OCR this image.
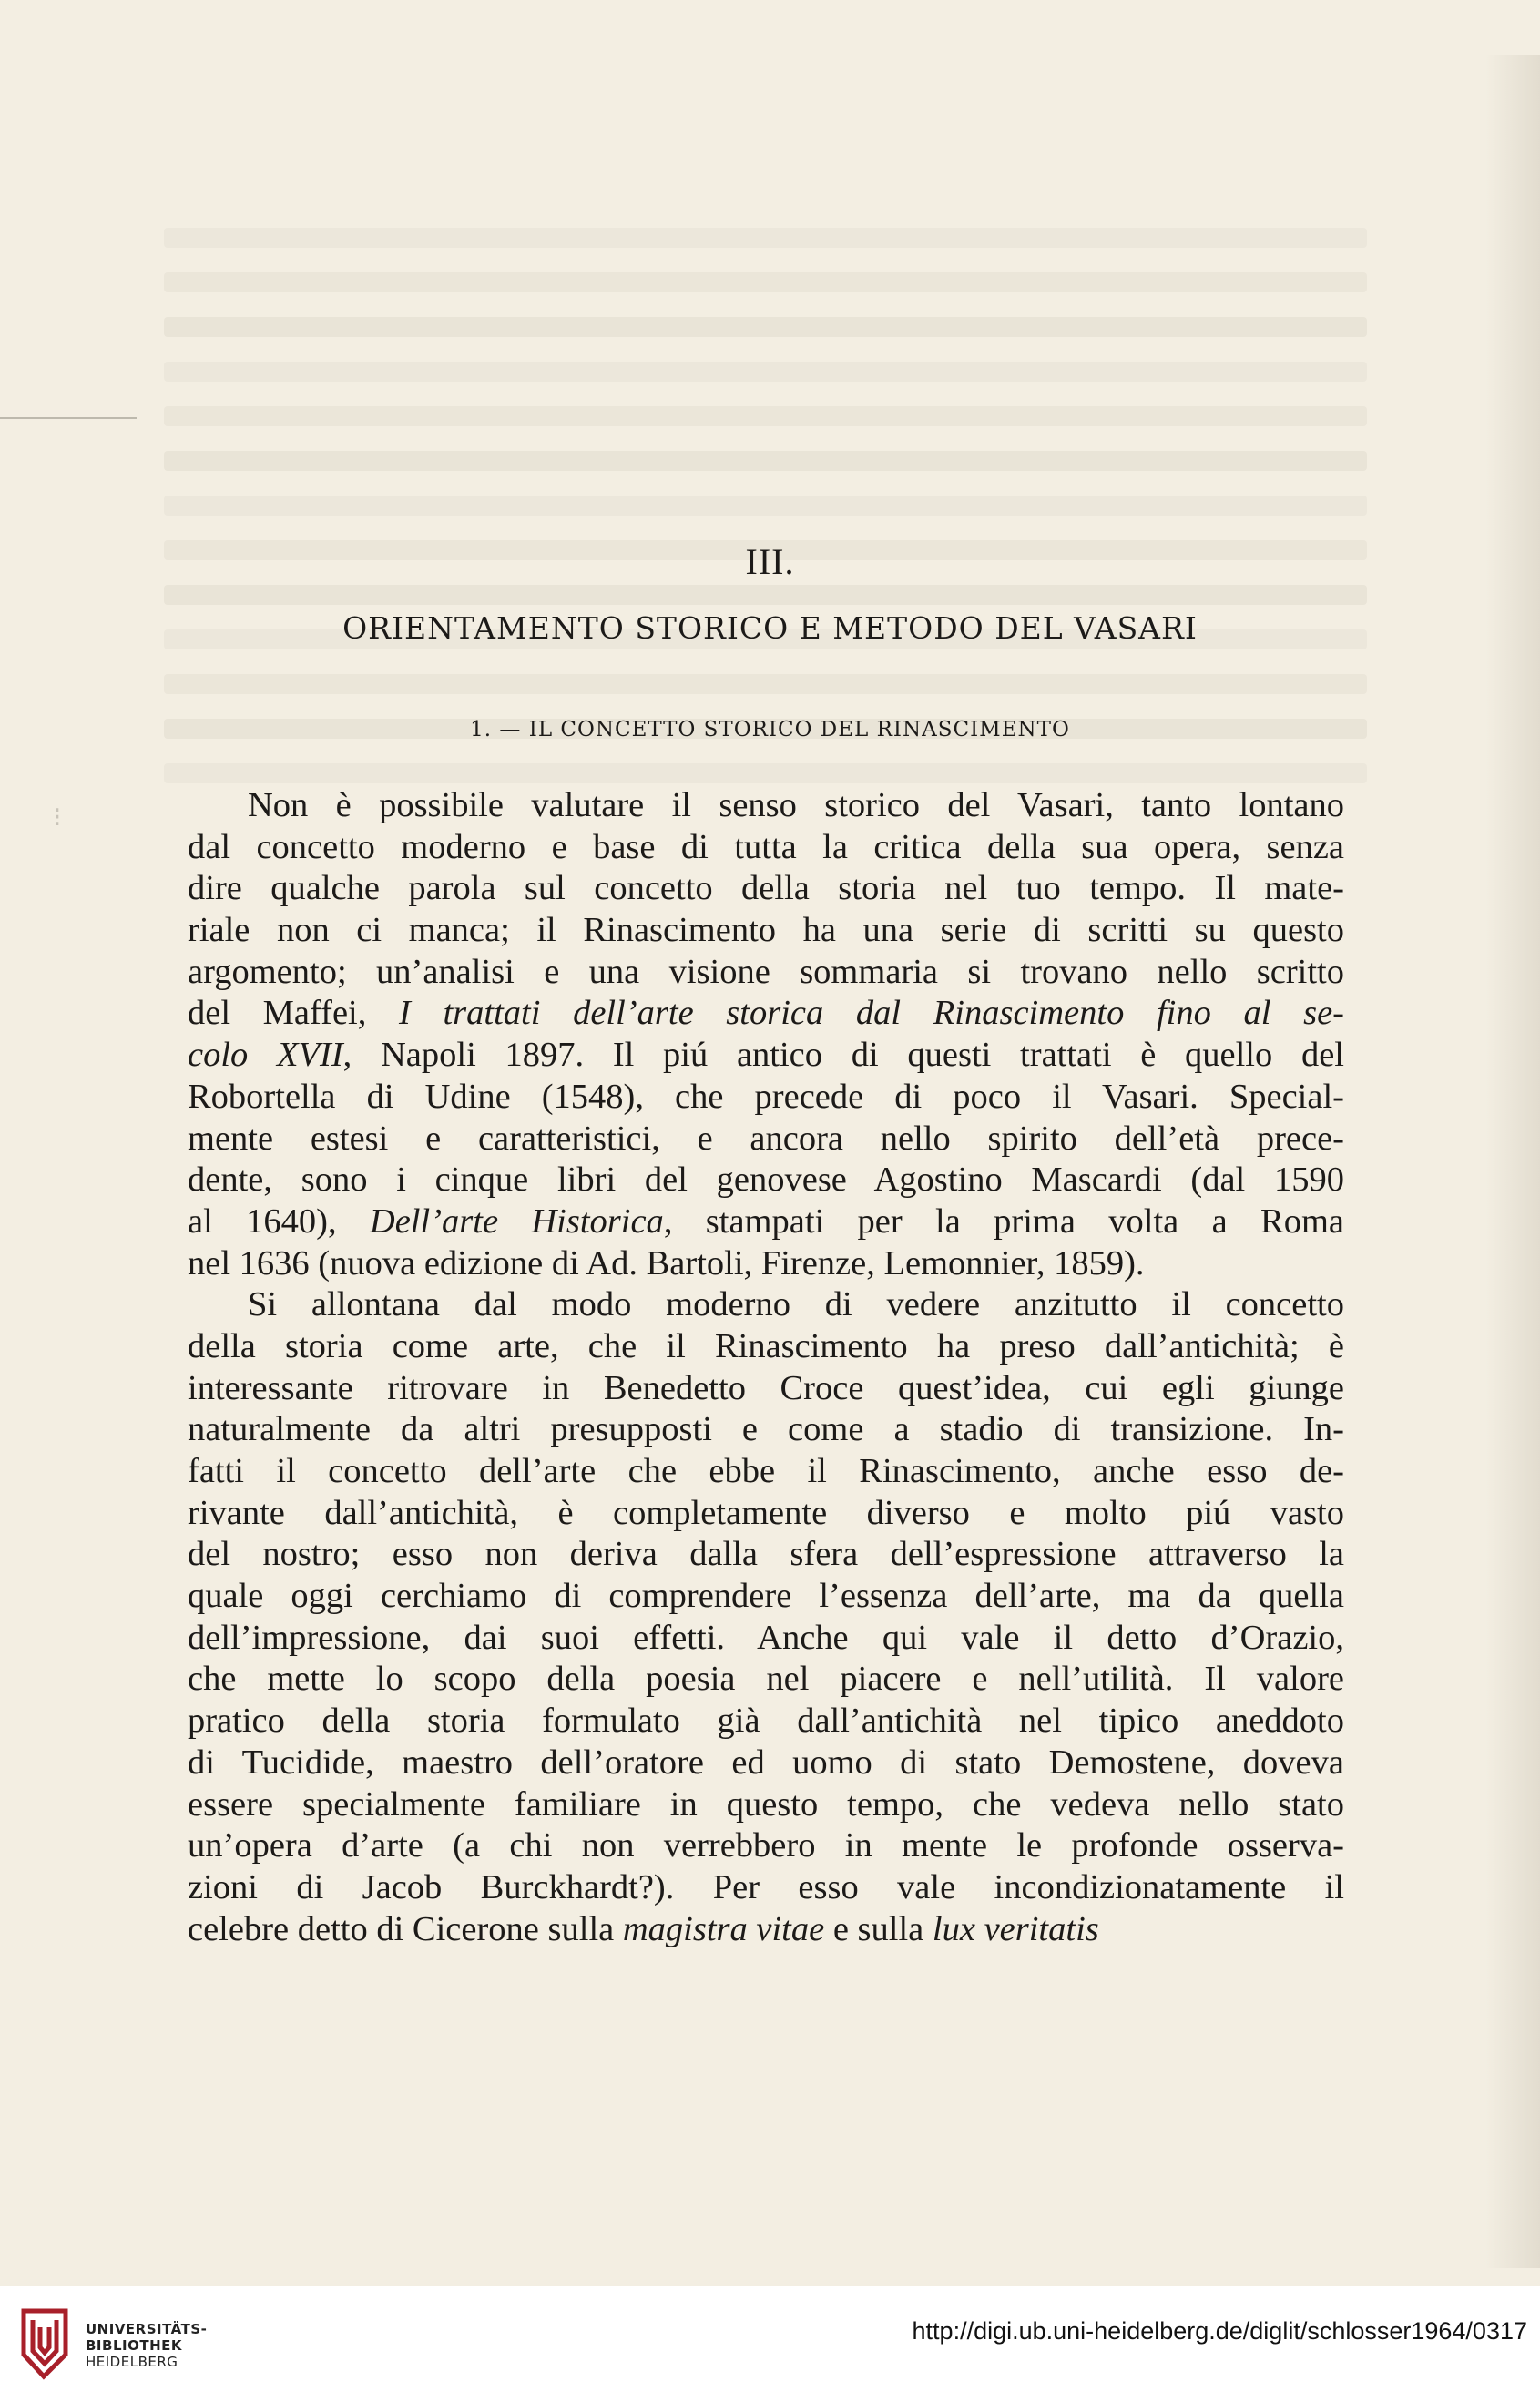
⁝
III.
ORIENTAMENTO STORICO E METODO DEL VASARI
1. — IL CONCETTO STORICO DEL RINASCIMENTO
Non è possibile valutare il senso storico del Vasari, tanto lontano
dal concetto moderno e base di tutta la critica della sua opera, senza
dire qualche parola sul concetto della storia nel tuo tempo. Il mate-
riale non ci manca; il Rinascimento ha una serie di scritti su questo
argomento; un’analisi e una visione sommaria si trovano nello scritto
del Maffei, I trattati dell’arte storica dal Rinascimento fino al se-
colo XVII, Napoli 1897. Il piú antico di questi trattati è quello del
Robortella di Udine (1548), che precede di poco il Vasari. Special-
mente estesi e caratteristici, e ancora nello spirito dell’età prece-
dente, sono i cinque libri del genovese Agostino Mascardi (dal 1590
al 1640), Dell’arte Historica, stampati per la prima volta a Roma
nel 1636 (nuova edizione di Ad. Bartoli, Firenze, Lemonnier, 1859).
Si allontana dal modo moderno di vedere anzitutto il concetto
della storia come arte, che il Rinascimento ha preso dall’antichità; è
interessante ritrovare in Benedetto Croce quest’idea, cui egli giunge
naturalmente da altri presupposti e come a stadio di transizione. In-
fatti il concetto dell’arte che ebbe il Rinascimento, anche esso de-
rivante dall’antichità, è completamente diverso e molto piú vasto
del nostro; esso non deriva dalla sfera dell’espressione attraverso la
quale oggi cerchiamo di comprendere l’essenza dell’arte, ma da quella
dell’impressione, dai suoi effetti. Anche qui vale il detto d’Orazio,
che mette lo scopo della poesia nel piacere e nell’utilità. Il valore
pratico della storia formulato già dall’antichità nel tipico aneddoto
di Tucidide, maestro dell’oratore ed uomo di stato Demostene, doveva
essere specialmente familiare in questo tempo, che vedeva nello stato
un’opera d’arte (a chi non verrebbero in mente le profonde osserva-
zioni di Jacob Burckhardt?). Per esso vale incondizionatamente il
celebre detto di Cicerone sulla magistra vitae e sulla lux veritatis
UNIVERSITÄTS-
BIBLIOTHEK
HEIDELBERG
http://digi.ub.uni-heidelberg.de/diglit/schlosser1964/0317
